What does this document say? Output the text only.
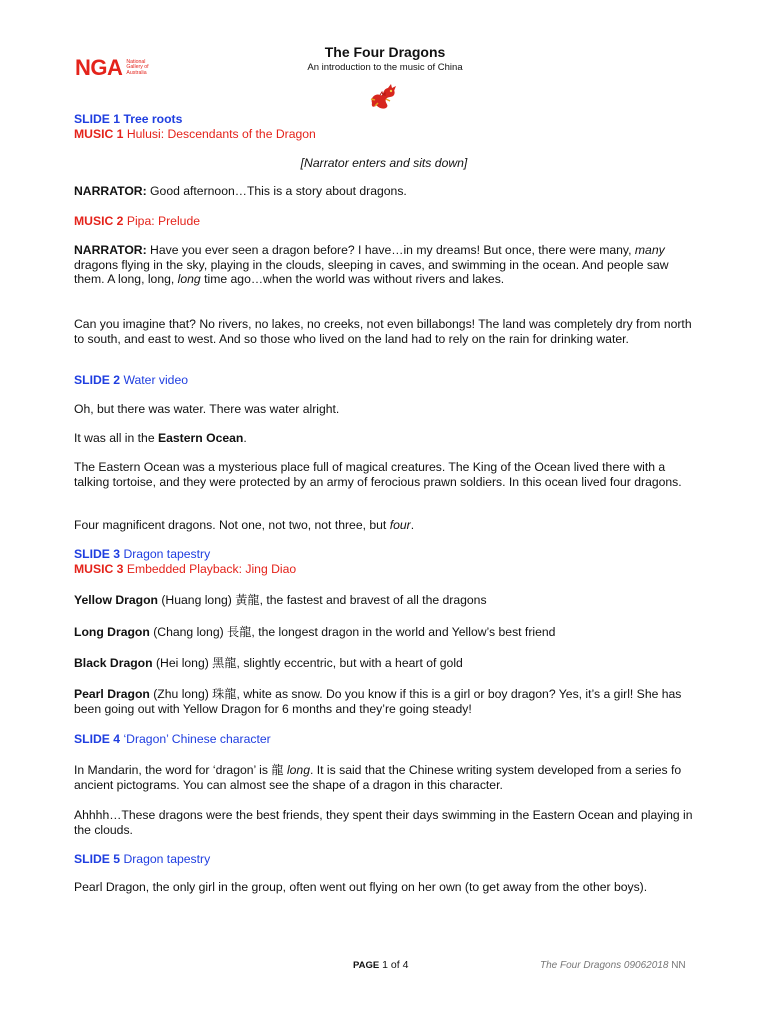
NGA National Gallery of Australia
The Four Dragons
An introduction to the music of China
SLIDE 1 Tree roots
MUSIC 1 Hulusi: Descendants of the Dragon
[Narrator enters and sits down]
NARRATOR: Good afternoon…This is a story about dragons.
MUSIC 2 Pipa: Prelude
NARRATOR: Have you ever seen a dragon before? I have…in my dreams! But once, there were many, many dragons flying in the sky, playing in the clouds, sleeping in caves, and swimming in the ocean. And people saw them. A long, long, long time ago…when the world was without rivers and lakes.
Can you imagine that? No rivers, no lakes, no creeks, not even billabongs! The land was completely dry from north to south, and east to west. And so those who lived on the land had to rely on the rain for drinking water.
SLIDE 2 Water video
Oh, but there was water. There was water alright.
It was all in the Eastern Ocean.
The Eastern Ocean was a mysterious place full of magical creatures. The King of the Ocean lived there with a talking tortoise, and they were protected by an army of ferocious prawn soldiers. In this ocean lived four dragons.
Four magnificent dragons. Not one, not two, not three, but four.
SLIDE 3 Dragon tapestry
MUSIC 3 Embedded Playback: Jing Diao
Yellow Dragon (Huang long) 黃龍, the fastest and bravest of all the dragons
Long Dragon (Chang long) 長龍, the longest dragon in the world and Yellow’s best friend
Black Dragon (Hei long) 黑龍, slightly eccentric, but with a heart of gold
Pearl Dragon (Zhu long) 珠龍, white as snow. Do you know if this is a girl or boy dragon? Yes, it’s a girl! She has been going out with Yellow Dragon for 6 months and they’re going steady!
SLIDE 4 ‘Dragon’ Chinese character
In Mandarin, the word for ‘dragon’ is 龍 long. It is said that the Chinese writing system developed from a series fo ancient pictograms. You can almost see the shape of a dragon in this character.
Ahhhh…These dragons were the best friends, they spent their days swimming in the Eastern Ocean and playing in the clouds.
SLIDE 5 Dragon tapestry
Pearl Dragon, the only girl in the group, often went out flying on her own (to get away from the other boys).
PAGE 1 of 4	The Four Dragons 09062018 NN
